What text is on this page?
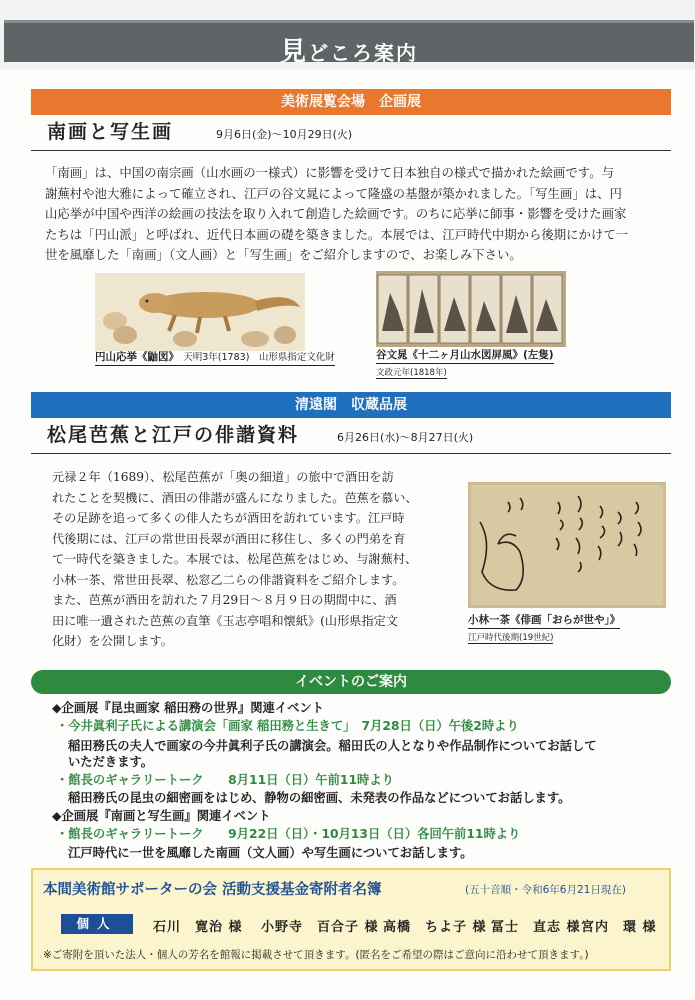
見どころ案内
美術展覧会場　企画展
南画と写生画	9月6日(金)～10月29日(火)
「南画」は、中国の南宗画（山水画の一様式）に影響を受けて日本独自の様式で描かれた絵画です。与
謝蕪村や池大雅によって確立され、江戸の谷文晁によって隆盛の基盤が築かれました。「写生画」は、円
山応挙が中国や西洋の絵画の技法を取り入れて創造した絵画です。のちに応挙に師事・影響を受けた画家
たちは「円山派」と呼ばれ、近代日本画の礎を築きました。本展では、江戸時代中期から後期にかけて一
世を風靡した「南画」（文人画）と「写生画」をご紹介しますので、お楽しみ下さい。
円山応挙《鼬図》　 天明3年(1783)　山形県指定文化財	谷文晁《十二ヶ月山水図屏風》(左隻)
文政元年(1818年)
清遠閣　収蔵品展
松尾芭蕉と江戸の俳諧資料	6月26日(水)～8月27日(火)
元禄２年（1689）、松尾芭蕉が「奥の細道」の旅中で酒田を訪
れたことを契機に、酒田の俳諧が盛んになりました。芭蕉を慕い、
その足跡を追って多くの俳人たちが酒田を訪れています。江戸時
代後期には、江戸の常世田長翠が酒田に移住し、多くの門弟を育
て一時代を築きました。本展では、松尾芭蕉をはじめ、与謝蕪村、
小林一茶、常世田長翠、松窓乙二らの俳諧資料をご紹介します。
また、芭蕉が酒田を訪れた７月29日～８月９日の期間中に、酒
田に唯一遺された芭蕉の直筆《玉志亭唱和懐紙》(山形県指定文
化財）を公開します。
小林一茶《俳画「おらが世や」》
江戸時代後期(19世紀)
イベントのご案内
◆企画展『昆虫画家 稲田務の世界』関連イベント
・今井眞利子氏による講演会「画家 稲田務と生きて」　7月28日（日）午後2時より
稲田務氏の夫人で画家の今井眞利子氏の講演会。稲田氏の人となりや作品制作についてお話して
いただきます。
・館長のギャラリートーク　　8月11日（日）午前11時より
稲田務氏の昆虫の細密画をはじめ、静物の細密画、未発表の作品などについてお話します。
◆企画展『南画と写生画』関連イベント
・館長のギャラリートーク　　9月22日（日）・10月13日（日）各回午前11時より
江戸時代に一世を風靡した南画（文人画）や写生画についてお話します。
本間美術館サポーターの会 活動支援基金寄附者名簿	(五十音順・令和6年6月21日現在)
個人	石川　寛治 様 小野寺　百合子 様 高橋　ちよ子 様 冨士　直志 様 宮内　環 様
※ご寄附を頂いた法人・個人の芳名を館報に掲載させて頂きます。(匿名をご希望の際はご意向に沿わせて頂きます。)
